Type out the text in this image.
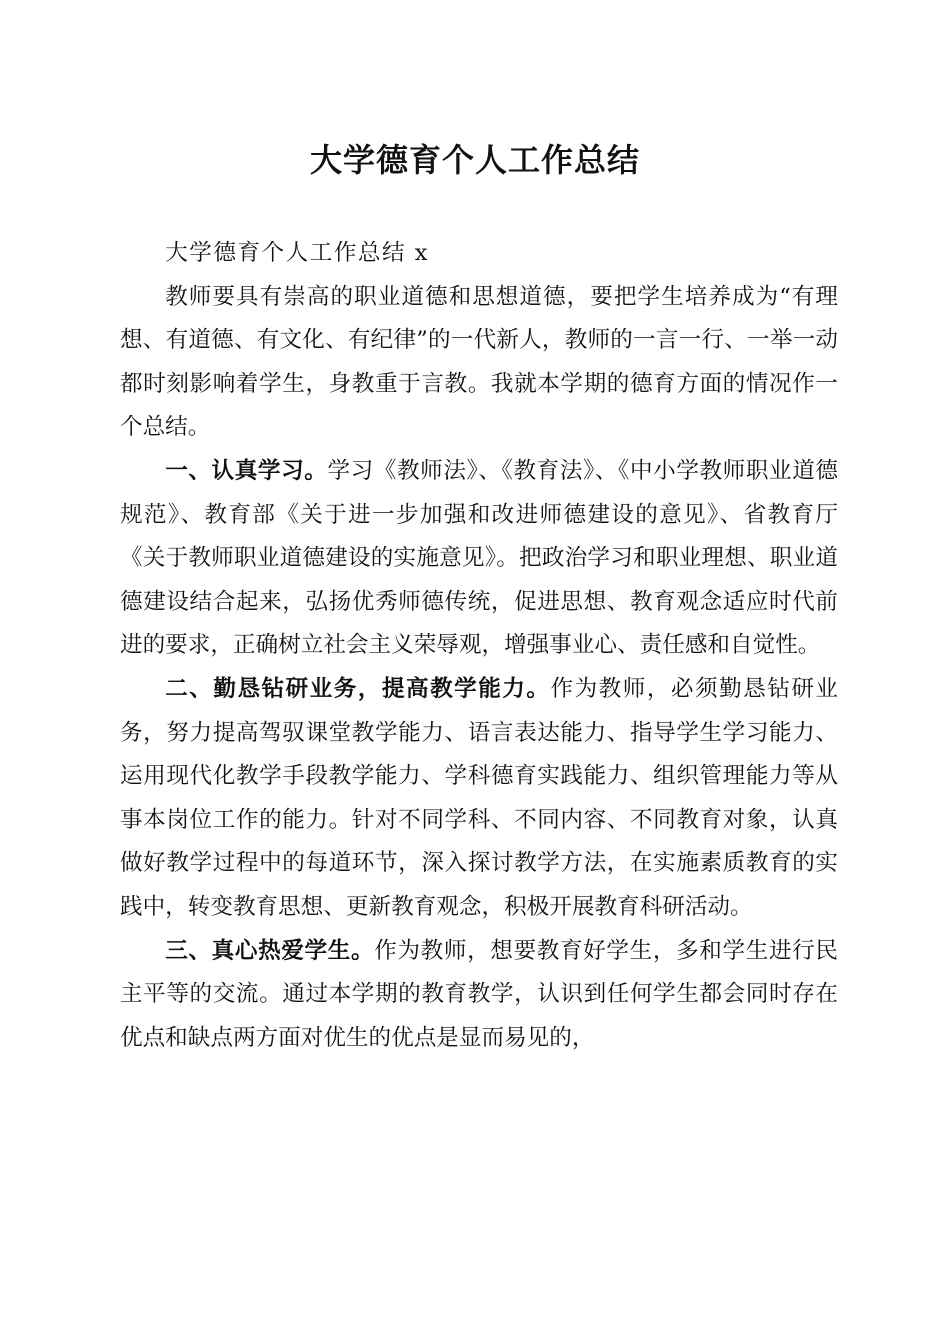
大学德育个人工作总结

大学德育个人工作总结 x

教师要具有崇高的职业道德和思想道德，要把学生培养成为“有理想、有道德、有文化、有纪律”的一代新人，教师的一言一行、一举一动都时刻影响着学生，身教重于言教。我就本学期的德育方面的情况作一个总结。

一、认真学习。学习《教师法》、《教育法》、《中小学教师职业道德规范》、教育部《关于进一步加强和改进师德建设的意见》、省教育厅《关于教师职业道德建设的实施意见》。把政治学习和职业理想、职业道德建设结合起来，弘扬优秀师德传统，促进思想、教育观念适应时代前进的要求，正确树立社会主义荣辱观，增强事业心、责任感和自觉性。

二、勤恳钻研业务，提高教学能力。作为教师，必须勤恳钻研业务，努力提高驾驭课堂教学能力、语言表达能力、指导学生学习能力、运用现代化教学手段教学能力、学科德育实践能力、组织管理能力等从事本岗位工作的能力。针对不同学科、不同内容、不同教育对象，认真做好教学过程中的每道环节，深入探讨教学方法，在实施素质教育的实践中，转变教育思想、更新教育观念，积极开展教育科研活动。

三、真心热爱学生。作为教师，想要教育好学生，多和学生进行民主平等的交流。通过本学期的教育教学，认识到任何学生都会同时存在优点和缺点两方面对优生的优点是显而易见的，
